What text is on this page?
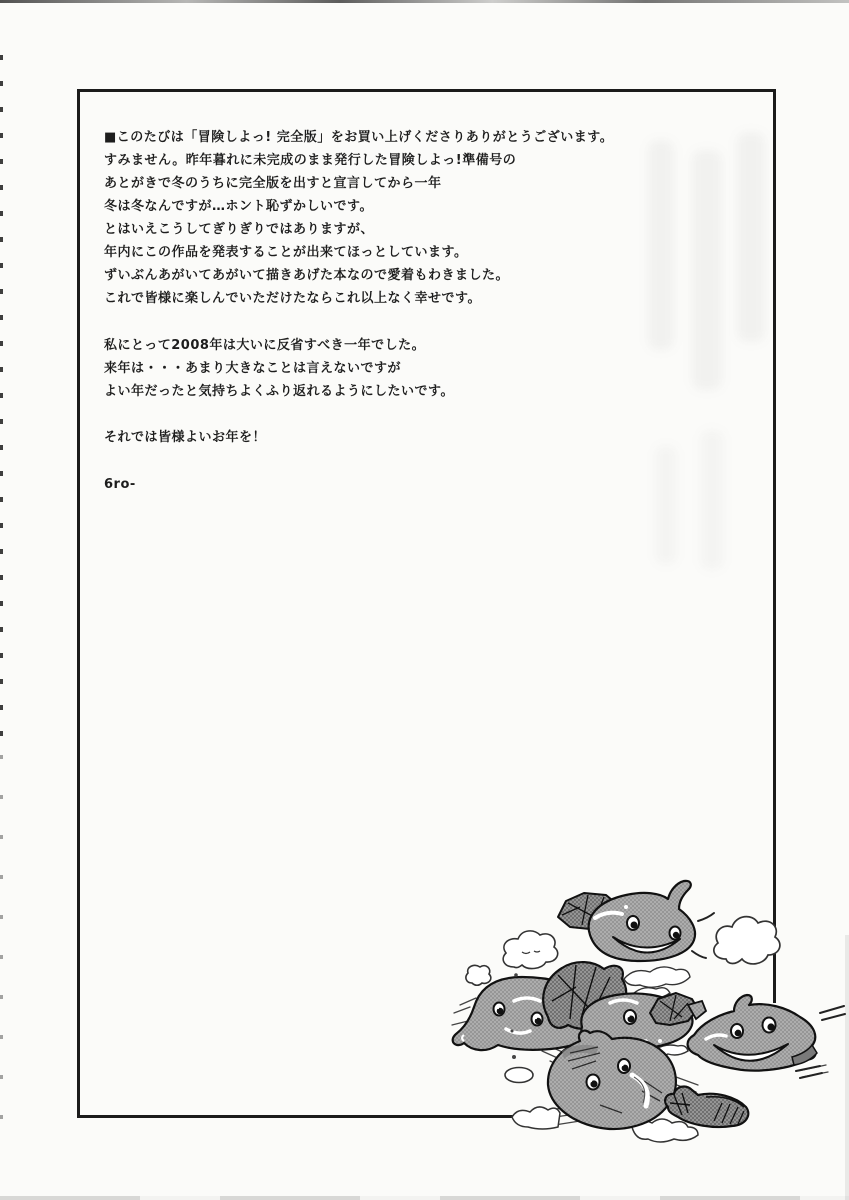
■このたびは「冒険しよっ! 完全版」をお買い上げくださりありがとうございます。
すみません。昨年暮れに未完成のまま発行した冒険しよっ!準備号の
あとがきで冬のうちに完全版を出すと宣言してから一年
冬は冬なんですが…ホント恥ずかしいです。
とはいえこうしてぎりぎりではありますが、
年内にこの作品を発表することが出来てほっとしています。
ずいぶんあがいてあがいて描きあげた本なので愛着もわきました。
これで皆様に楽しんでいただけたならこれ以上なく幸せです。
私にとって2008年は大いに反省すべき一年でした。
来年は・・・あまり大きなことは言えないですが
よい年だったと気持ちよくふり返れるようにしたいです。
それでは皆様よいお年を！
6ro-
